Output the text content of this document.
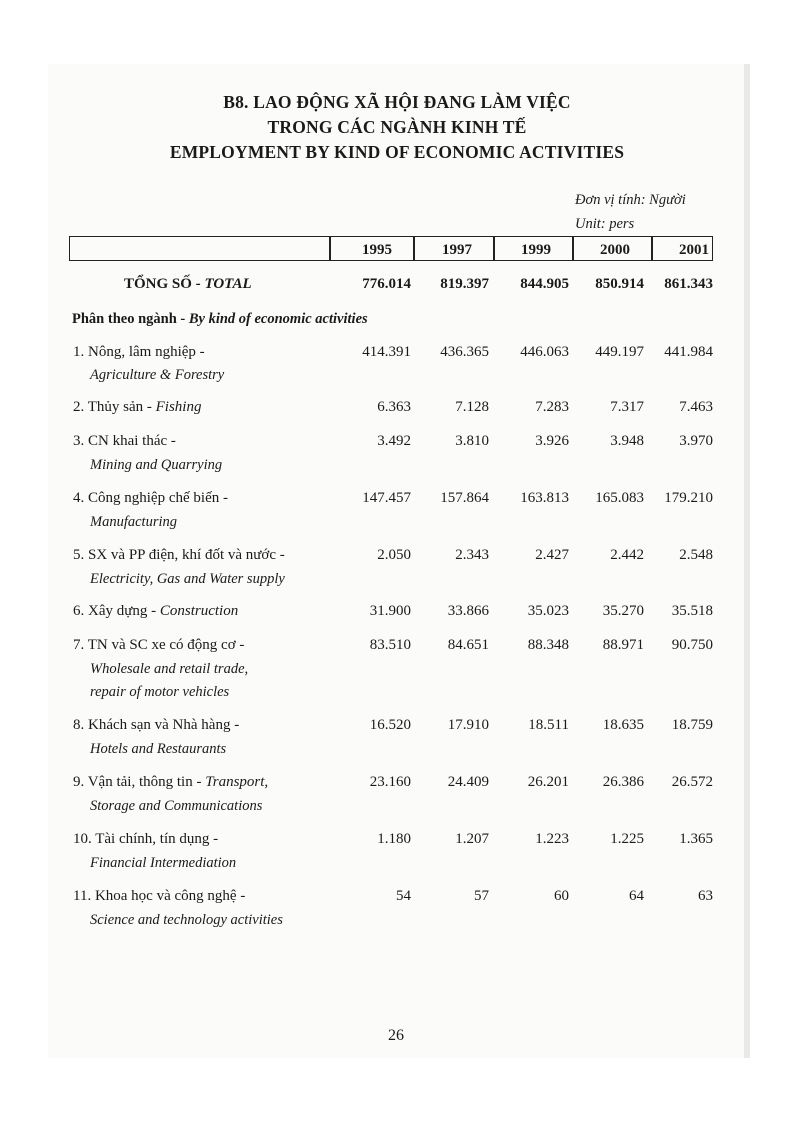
B8. LAO ĐỘNG XÃ HỘI ĐANG LÀM VIỆC
TRONG CÁC NGÀNH KINH TẾ
EMPLOYMENT BY KIND OF ECONOMIC ACTIVITIES
Đơn vị tính: Người
Unit: pers
1995	1997	1999	2000	2001
TỔNG SỐ - TOTAL	776.014	819.397	844.905	850.914	861.343
Phân theo ngành - By kind of economic activities
1. Nông, lâm nghiệp -
Agriculture & Forestry
414.391	436.365	446.063	449.197	441.984
2. Thủy sản - Fishing	6.363	7.128	7.283	7.317	7.463
3. CN khai thác -
Mining and Quarrying
3.492	3.810	3.926	3.948	3.970
4. Công nghiệp chế biến -
Manufacturing
147.457	157.864	163.813	165.083	179.210
5. SX và PP điện, khí đốt và nước -
Electricity, Gas and Water supply
2.050	2.343	2.427	2.442	2.548
6. Xây dựng - Construction	31.900	33.866	35.023	35.270	35.518
7. TN và SC xe có động cơ -
Wholesale and retail trade,
repair of motor vehicles
83.510	84.651	88.348	88.971	90.750
8. Khách sạn và Nhà hàng -
Hotels and Restaurants
16.520	17.910	18.511	18.635	18.759
9. Vận tải, thông tin - Transport,
Storage and Communications
23.160	24.409	26.201	26.386	26.572
10. Tài chính, tín dụng -
Financial Intermediation
1.180	1.207	1.223	1.225	1.365
11. Khoa học và công nghệ -
Science and technology activities
54	57	60	64	63
26
